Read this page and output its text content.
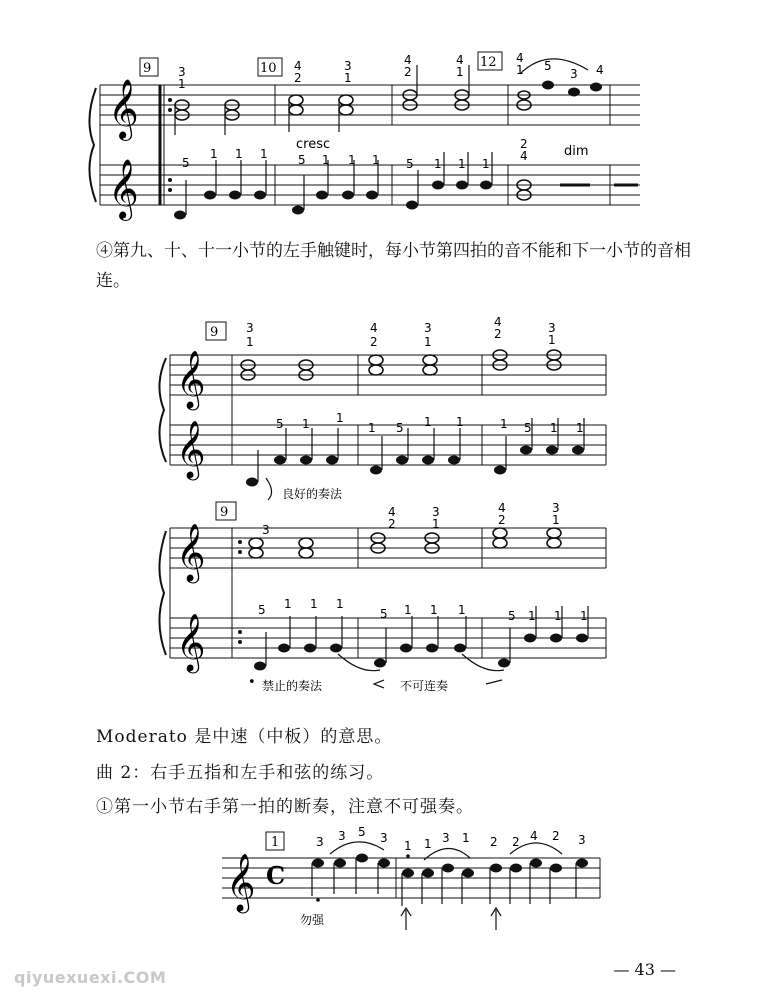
𝄞
𝄞
9	10	12
cresc	dim
3
1
4
2
3
1
4
2
4
1
4
1 5
3 4
2
4
5
1 1 1	5 1 1 1 5 1 1 1
④第九、十、十一小节的左手触键时，每小节第四拍的音不能和下一小节的音相连。
𝄞
𝄞
9 3
1
4
2
3
1
4
2	3
1
5 1 1
1 5 1 1	1 5 1 1
良好的奏法
𝄞
𝄞
9
3
4
2
3
1
4
2
3
1
5 1 1 1
5 1 1 1	5 1 1 1
• 禁止的奏法	不可连奏
Moderato 是中速（中板）的意思。
曲 2：右手五指和左手和弦的练习。
①第一小节右手第一拍的断奏，注意不可强奏。
𝄞 C
1	3 3 5 3
1 1 3 1 2 2 4 2 3
勿强
— 43 —
qiyuexuexi.COM
